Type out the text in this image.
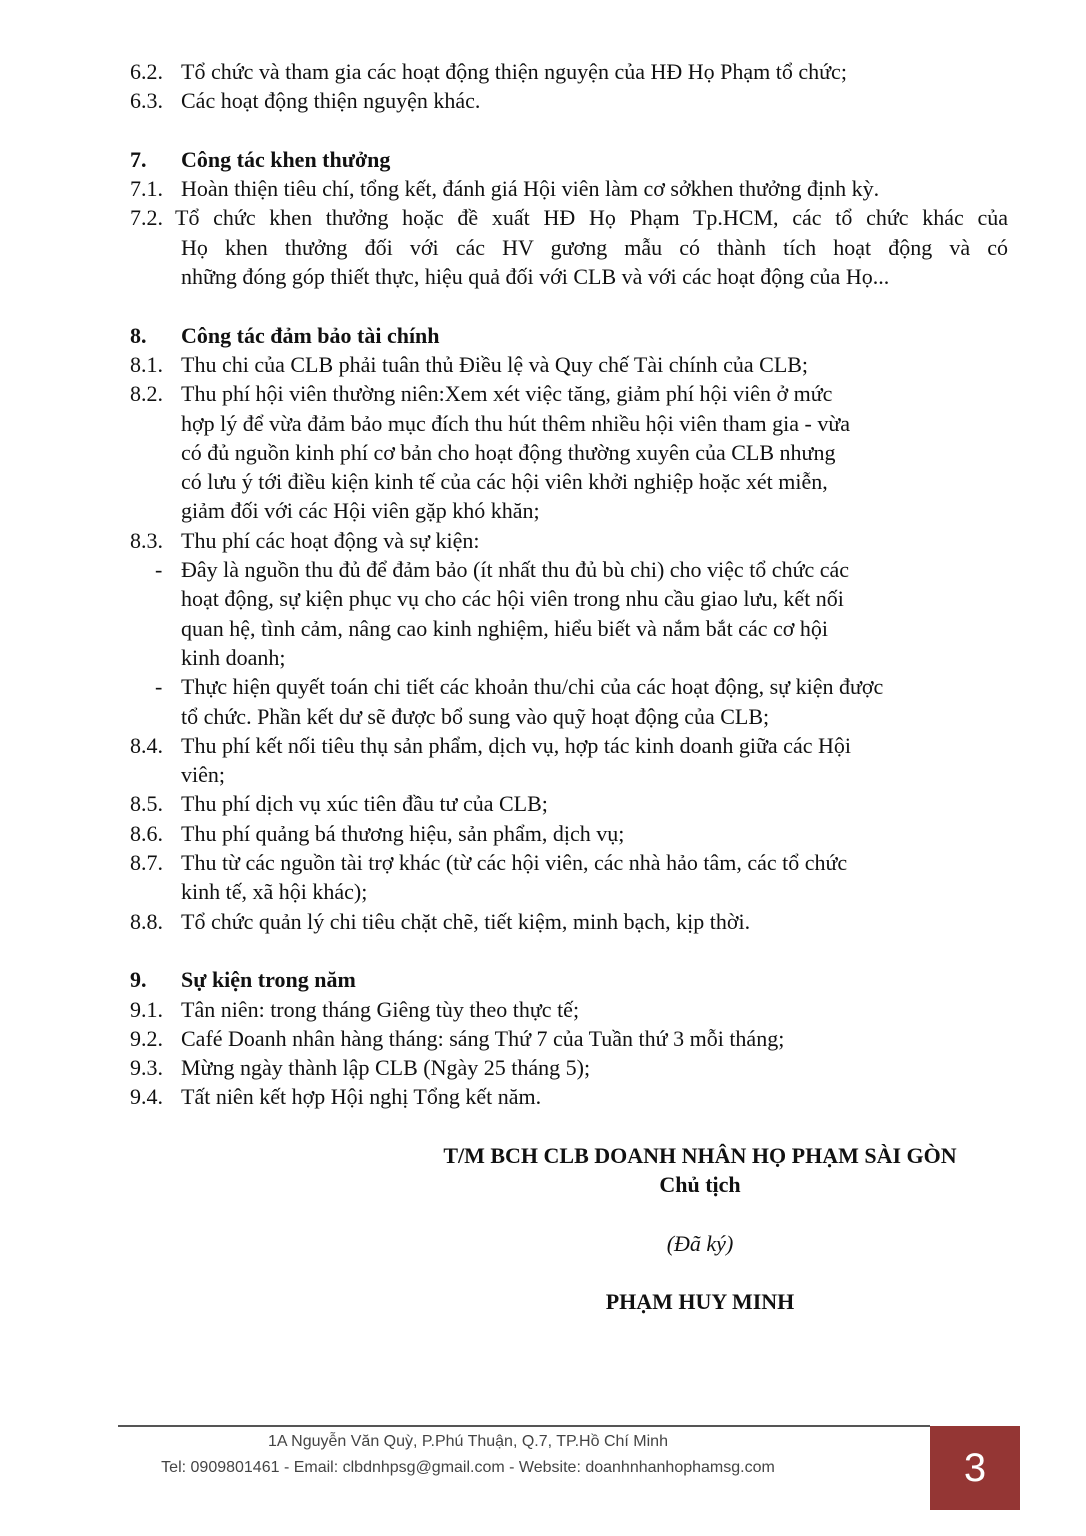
6.2. Tổ chức và tham gia các hoạt động thiện nguyện của HĐ Họ Phạm tổ chức;
6.3. Các hoạt động thiện nguyện khác.
7. Công tác khen thưởng
7.1. Hoàn thiện tiêu chí, tổng kết, đánh giá Hội viên làm cơ sởkhen thưởng định kỳ.
7.2. Tổ chức khen thưởng hoặc đề xuất HĐ Họ Phạm Tp.HCM, các tổ chức khác của
Họ khen thưởng đối với các HV gương mẫu có thành tích hoạt động và có
những đóng góp thiết thực, hiệu quả đối với CLB và với các hoạt động của Họ...
8. Công tác đảm bảo tài chính
8.1. Thu chi của CLB phải tuân thủ Điều lệ và Quy chế Tài chính của CLB;
8.2. Thu phí hội viên thường niên:Xem xét việc tăng, giảm phí hội viên ở mức
hợp lý để vừa đảm bảo mục đích thu hút thêm nhiều hội viên tham gia - vừa
có đủ nguồn kinh phí cơ bản cho hoạt động thường xuyên của CLB nhưng
có lưu ý tới điều kiện kinh tế của các hội viên khởi nghiệp hoặc xét miễn,
giảm đối với các Hội viên gặp khó khăn;
8.3. Thu phí các hoạt động và sự kiện:
- Đây là nguồn thu đủ để đảm bảo (ít nhất thu đủ bù chi) cho việc tổ chức các
hoạt động, sự kiện phục vụ cho các hội viên trong nhu cầu giao lưu, kết nối
quan hệ, tình cảm, nâng cao kinh nghiệm, hiểu biết và nắm bắt các cơ hội
kinh doanh;
- Thực hiện quyết toán chi tiết các khoản thu/chi của các hoạt động, sự kiện được
tổ chức. Phần kết dư sẽ được bổ sung vào quỹ hoạt động của CLB;
8.4. Thu phí kết nối tiêu thụ sản phẩm, dịch vụ, hợp tác kinh doanh giữa các Hội
viên;
8.5. Thu phí dịch vụ xúc tiên đầu tư của CLB;
8.6. Thu phí quảng bá thương hiệu, sản phẩm, dịch vụ;
8.7. Thu từ các nguồn tài trợ khác (từ các hội viên, các nhà hảo tâm, các tổ chức
kinh tế, xã hội khác);
8.8. Tổ chức quản lý chi tiêu chặt chẽ, tiết kiệm, minh bạch, kịp thời.
9. Sự kiện trong năm
9.1. Tân niên: trong tháng Giêng tùy theo thực tế;
9.2. Café Doanh nhân hàng tháng: sáng Thứ 7 của Tuần thứ 3 mỗi tháng;
9.3. Mừng ngày thành lập CLB (Ngày 25 tháng 5);
9.4. Tất niên kết hợp Hội nghị Tổng kết năm.
T/M BCH CLB DOANH NHÂN HỌ PHẠM SÀI GÒN
Chủ tịch
(Đã ký)
PHẠM HUY MINH
1A Nguyễn Văn Quỳ, P.Phú Thuận, Q.7, TP.Hồ Chí Minh
Tel: 0909801461 - Email: clbdnhpsg@gmail.com - Website: doanhnhanhophamsg.com	3
